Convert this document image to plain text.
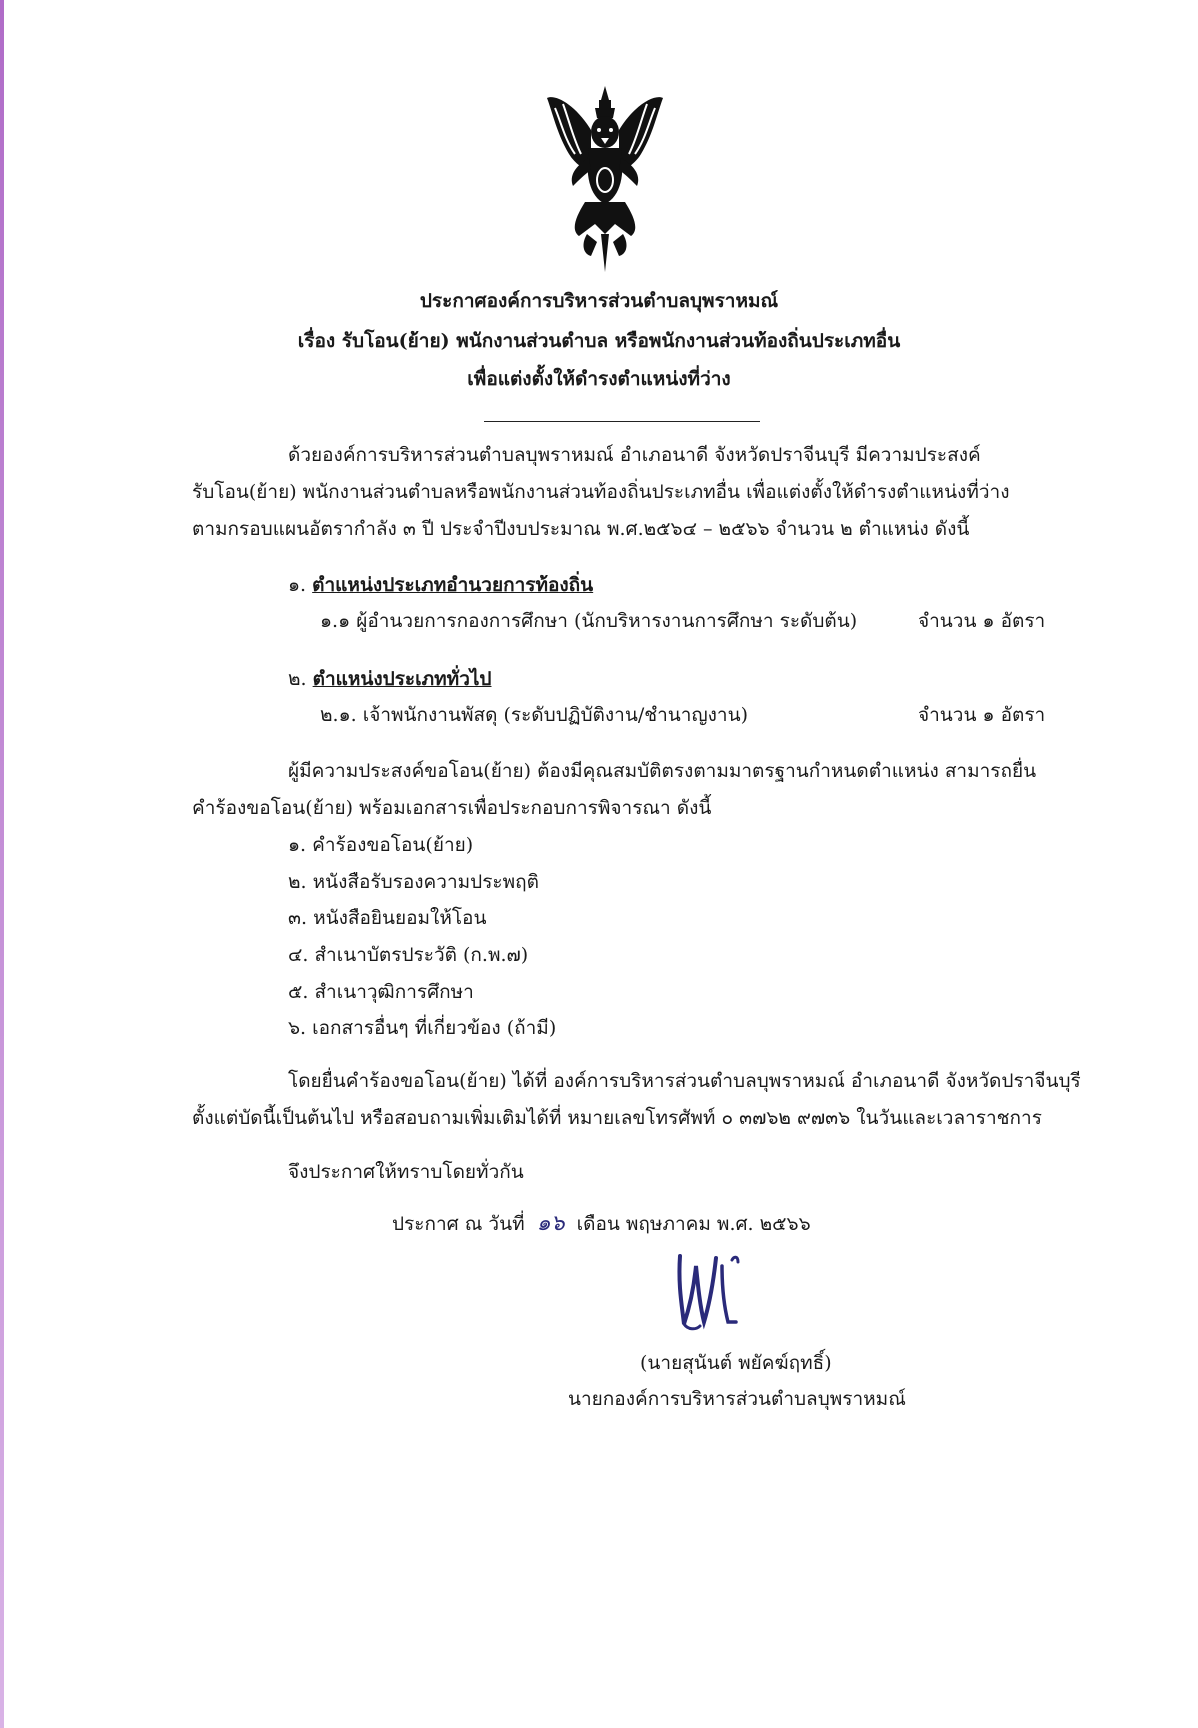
ประกาศองค์การบริหารส่วนตำบลบุพราหมณ์
เรื่อง รับโอน(ย้าย) พนักงานส่วนตำบล หรือพนักงานส่วนท้องถิ่นประเภทอื่น
เพื่อแต่งตั้งให้ดำรงตำแหน่งที่ว่าง
ด้วยองค์การบริหารส่วนตำบลบุพราหมณ์ อำเภอนาดี จังหวัดปราจีนบุรี มีความประสงค์
รับโอน(ย้าย) พนักงานส่วนตำบลหรือพนักงานส่วนท้องถิ่นประเภทอื่น เพื่อแต่งตั้งให้ดำรงตำแหน่งที่ว่าง
ตามกรอบแผนอัตรากำลัง ๓ ปี ประจำปีงบประมาณ พ.ศ.๒๕๖๔ – ๒๕๖๖ จำนวน ๒ ตำแหน่ง ดังนี้
๑. ตำแหน่งประเภทอำนวยการท้องถิ่น
๑.๑ ผู้อำนวยการกองการศึกษา (นักบริหารงานการศึกษา ระดับต้น)	จำนวน ๑ อัตรา
๒. ตำแหน่งประเภททั่วไป
๒.๑. เจ้าพนักงานพัสดุ (ระดับปฏิบัติงาน/ชำนาญงาน)	จำนวน ๑ อัตรา
ผู้มีความประสงค์ขอโอน(ย้าย) ต้องมีคุณสมบัติตรงตามมาตรฐานกำหนดตำแหน่ง สามารถยื่น
คำร้องขอโอน(ย้าย) พร้อมเอกสารเพื่อประกอบการพิจารณา ดังนี้
๑. คำร้องขอโอน(ย้าย)
๒. หนังสือรับรองความประพฤติ
๓. หนังสือยินยอมให้โอน
๔. สำเนาบัตรประวัติ (ก.พ.๗)
๕. สำเนาวุฒิการศึกษา
๖. เอกสารอื่นๆ ที่เกี่ยวข้อง (ถ้ามี)
โดยยื่นคำร้องขอโอน(ย้าย) ได้ที่ องค์การบริหารส่วนตำบลบุพราหมณ์ อำเภอนาดี จังหวัดปราจีนบุรี
ตั้งแต่บัดนี้เป็นต้นไป หรือสอบถามเพิ่มเติมได้ที่ หมายเลขโทรศัพท์ ๐ ๓๗๖๒ ๙๗๓๖ ในวันและเวลาราชการ
จึงประกาศให้ทราบโดยทั่วกัน
ประกาศ ณ วันที่ ๑๖ เดือน พฤษภาคม พ.ศ. ๒๕๖๖
(นายสุนันต์ พยัคฆ์ฤทธิ์)
นายกองค์การบริหารส่วนตำบลบุพราหมณ์
